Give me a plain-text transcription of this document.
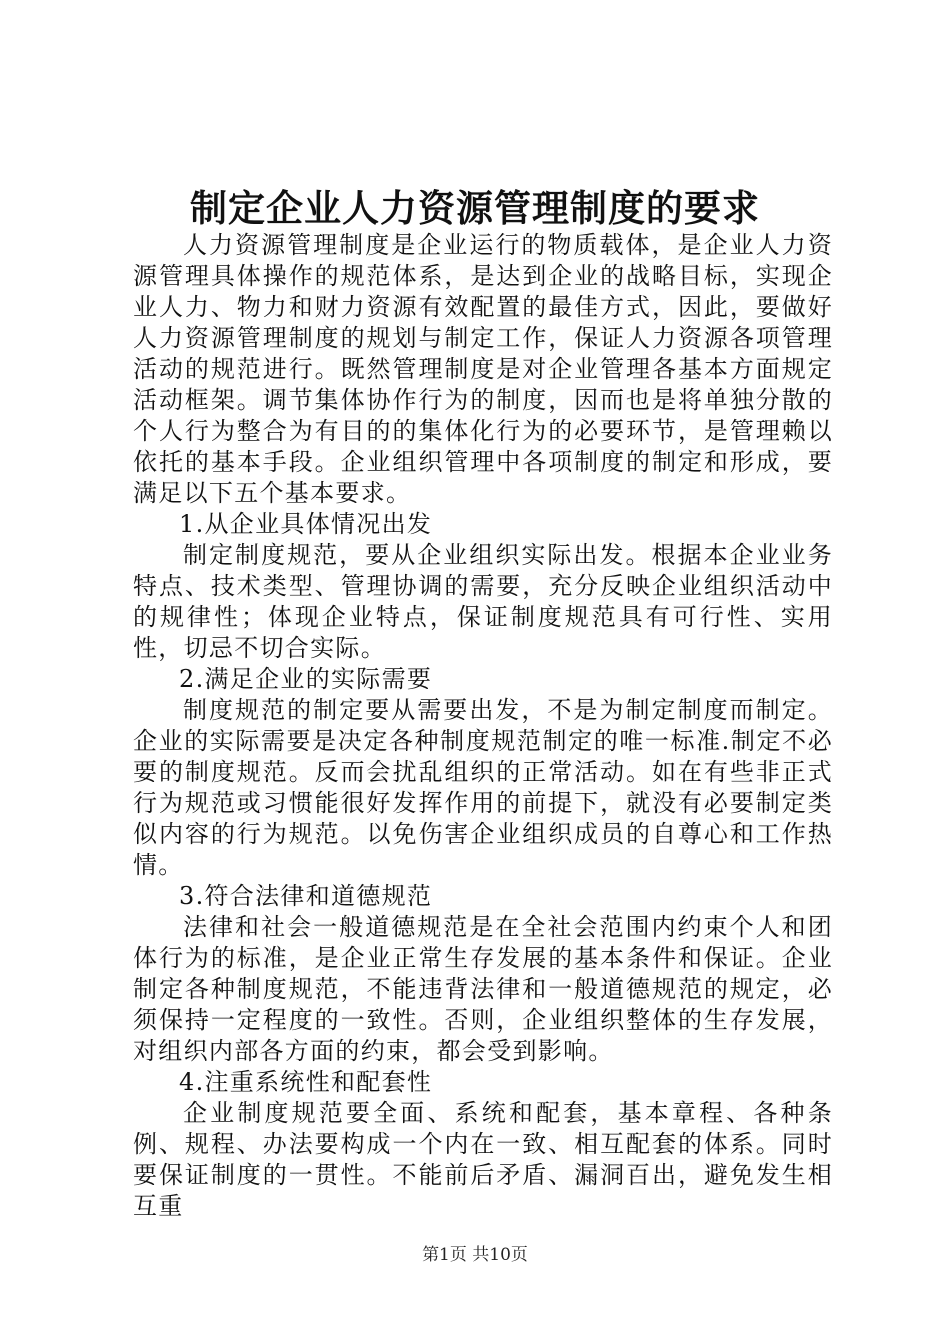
制定企业人力资源管理制度的要求

人力资源管理制度是企业运行的物质载体，是企业人力资源管理具体操作的规范体系，是达到企业的战略目标，实现企业人力、物力和财力资源有效配置的最佳方式，因此，要做好人力资源管理制度的规划与制定工作，保证人力资源各项管理活动的规范进行。既然管理制度是对企业管理各基本方面规定活动框架。调节集体协作行为的制度，因而也是将单独分散的个人行为整合为有目的的集体化行为的必要环节，是管理赖以依托的基本手段。企业组织管理中各项制度的制定和形成，要满足以下五个基本要求。

1.从企业具体情况出发

制定制度规范，要从企业组织实际出发。根据本企业业务特点、技术类型、管理协调的需要，充分反映企业组织活动中的规律性；体现企业特点，保证制度规范具有可行性、实用性，切忌不切合实际。

2.满足企业的实际需要

制度规范的制定要从需要出发，不是为制定制度而制定。企业的实际需要是决定各种制度规范制定的唯一标准.制定不必要的制度规范。反而会扰乱组织的正常活动。如在有些非正式行为规范或习惯能很好发挥作用的前提下，就没有必要制定类似内容的行为规范。以免伤害企业组织成员的自尊心和工作热情。

3.符合法律和道德规范

法律和社会一般道德规范是在全社会范围内约束个人和团体行为的标准，是企业正常生存发展的基本条件和保证。企业制定各种制度规范，不能违背法律和一般道德规范的规定，必须保持一定程度的一致性。否则，企业组织整体的生存发展，对组织内部各方面的约束，都会受到影响。

4.注重系统性和配套性

企业制度规范要全面、系统和配套，基本章程、各种条例、规程、办法要构成一个内在一致、相互配套的体系。同时要保证制度的一贯性。不能前后矛盾、漏洞百出，避免发生相互重

第1页 共10页
